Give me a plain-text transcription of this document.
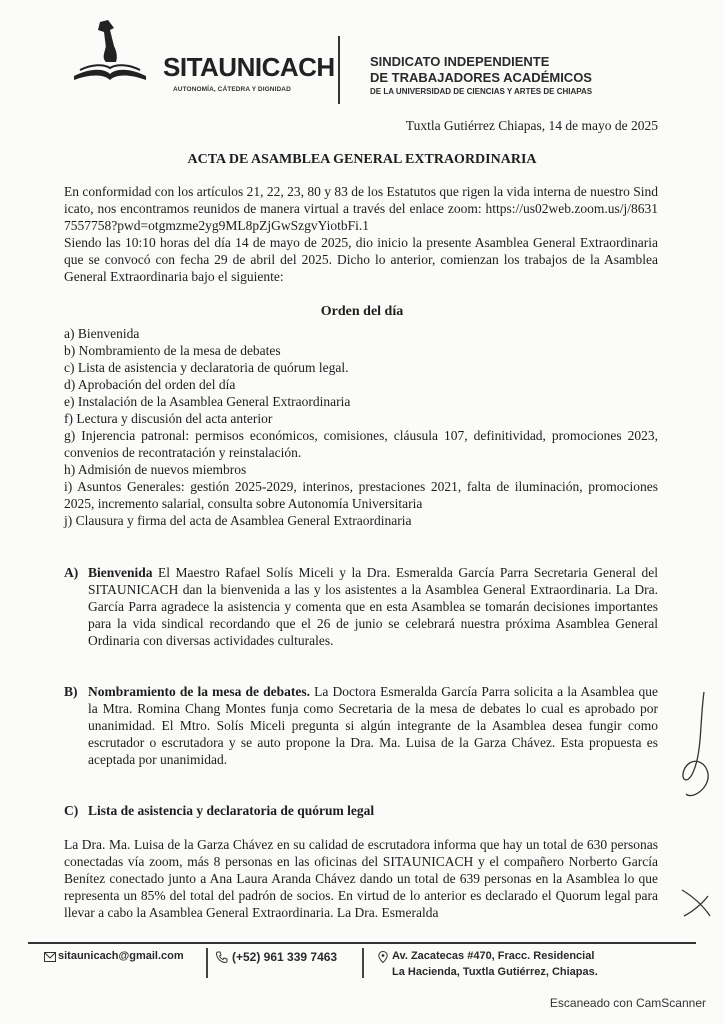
SITAUNICACH
AUTONOMÍA, CÁTEDRA Y DIGNIDAD
SINDICATO INDEPENDIENTE
DE TRABAJADORES ACADÉMICOS
DE LA UNIVERSIDAD DE CIENCIAS Y ARTES DE CHIAPAS
Tuxtla Gutiérrez Chiapas, 14 de mayo de 2025
ACTA DE ASAMBLEA GENERAL EXTRAORDINARIA
En conformidad con los artículos 21, 22, 23, 80 y 83 de los Estatutos que rigen la vida interna de nuestro Sindicato, nos encontramos reunidos de manera virtual a través del enlace zoom: https://us02web.zoom.us/j/86317557758?pwd=otgmzme2yg9ML8pZjGwSzgvYiotbFi.1
Siendo las 10:10 horas del día 14 de mayo de 2025, dio inicio la presente Asamblea General Extraordinaria que se convocó con fecha 29 de abril del 2025. Dicho lo anterior, comienzan los trabajos de la Asamblea General Extraordinaria bajo el siguiente:
Orden del día
a) Bienvenida
b) Nombramiento de la mesa de debates
c) Lista de asistencia y declaratoria de quórum legal.
d) Aprobación del orden del día
e) Instalación de la Asamblea General Extraordinaria
f) Lectura y discusión del acta anterior
g) Injerencia patronal: permisos económicos, comisiones, cláusula 107, definitividad, promociones 2023, convenios de recontratación y reinstalación.
h) Admisión de nuevos miembros
i) Asuntos Generales: gestión 2025-2029, interinos, prestaciones 2021, falta de iluminación, promociones 2025, incremento salarial, consulta sobre Autonomía Universitaria
j) Clausura y firma del acta de Asamblea General Extraordinaria
A) Bienvenida El Maestro Rafael Solís Miceli y la Dra. Esmeralda García Parra Secretaria General del SITAUNICACH dan la bienvenida a las y los asistentes a la Asamblea General Extraordinaria. La Dra. García Parra agradece la asistencia y comenta que en esta Asamblea se tomarán decisiones importantes para la vida sindical recordando que el 26 de junio se celebrará nuestra próxima Asamblea General Ordinaria con diversas actividades culturales.
B) Nombramiento de la mesa de debates. La Doctora Esmeralda García Parra solicita a la Asamblea que la Mtra. Romina Chang Montes funja como Secretaria de la mesa de debates lo cual es aprobado por unanimidad. El Mtro. Solís Miceli pregunta si algún integrante de la Asamblea desea fungir como escrutador o escrutadora y se auto propone la Dra. Ma. Luisa de la Garza Chávez. Esta propuesta es aceptada por unanimidad.
C) Lista de asistencia y declaratoria de quórum legal
La Dra. Ma. Luisa de la Garza Chávez en su calidad de escrutadora informa que hay un total de 630 personas conectadas vía zoom, más 8 personas en las oficinas del SITAUNICACH y el compañero Norberto García Benítez conectado junto a Ana Laura Aranda Chávez dando un total de 639 personas en la Asamblea lo que representa un 85% del total del padrón de socios. En virtud de lo anterior es declarado el Quorum legal para llevar a cabo la Asamblea General Extraordinaria. La Dra. Esmeralda
sitaunicach@gmail.com	(+52) 961 339 7463	Av. Zacatecas #470, Fracc. Residencial
La Hacienda, Tuxtla Gutiérrez, Chiapas.
Escaneado con CamScanner
